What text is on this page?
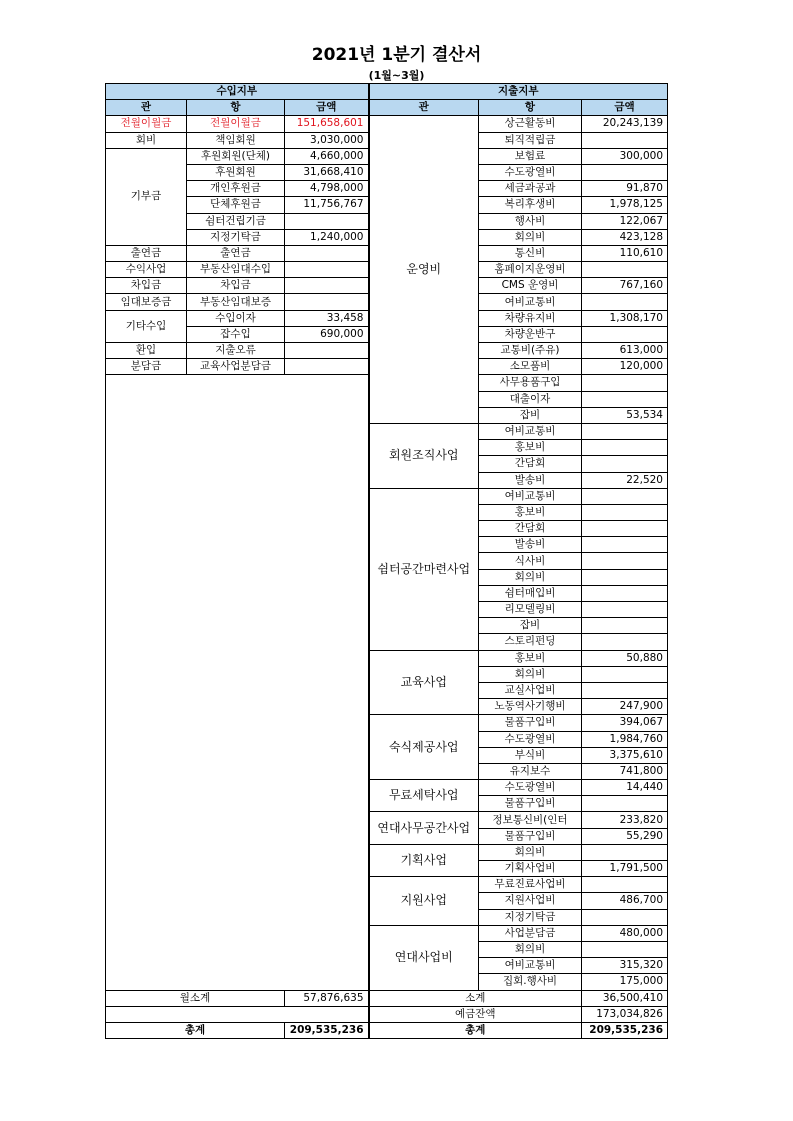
2021년 1분기 결산서
(1월~3월)
수입지부			지출지부		
관	항	금액	관	항	금액
전월이월금	전월이월금	151,658,601	운영비	상근활동비	20,243,139
회비	책임회원	3,030,000		퇴직적립금	
기부금	후원회원(단체)	4,660,000		보험료	300,000
	후원회원	31,668,410		수도광열비	
	개인후원금	4,798,000		세금과공과	91,870
	단체후원금	11,756,767		복리후생비	1,978,125
	쉼터건립기금			행사비	122,067
	지정기탁금	1,240,000		회의비	423,128
출연금	출연금			통신비	110,610
수익사업	부동산임대수입			홈페이지운영비	
차입금	차입금			CMS 운영비	767,160
임대보증금	부동산임대보증			여비교통비	
기타수입	수입이자	33,458		차량유지비	1,308,170
	잡수입	690,000		차량운반구	
환입	지출오류			교통비(주유)	613,000
분담금	교육사업분담금			소모품비	120,000
				사무용품구입	
				대출이자	
				잡비	53,534
			회원조직사업	여비교통비	
				홍보비	
				간담회	
				발송비	22,520
			쉼터공간마련사업	여비교통비	
				홍보비	
				간담회	
				발송비	
				식사비	
				회의비	
				쉼터매입비	
				리모델링비	
				잡비	
				스토리펀딩	
			교육사업	홍보비	50,880
				회의비	
				교실사업비	
				노동역사기행비	247,900
			숙식제공사업	물품구입비	394,067
				수도광열비	1,984,760
				부식비	3,375,610
				유지보수	741,800
			무료세탁사업	수도광열비	14,440
				물품구입비	
			연대사무공간사업	정보통신비(인터	233,820
				물품구입비	55,290
			기획사업	회의비	
				기획사업비	1,791,500
			지원사업	무료진료사업비	
				지원사업비	486,700
				지정기탁금	
			연대사업비	사업분담금	480,000
				회의비	
				여비교통비	315,320
				집회.행사비	175,000
월소계		57,876,635	소계		36,500,410
			예금잔액		173,034,826
총계		209,535,236	총계		209,535,236
